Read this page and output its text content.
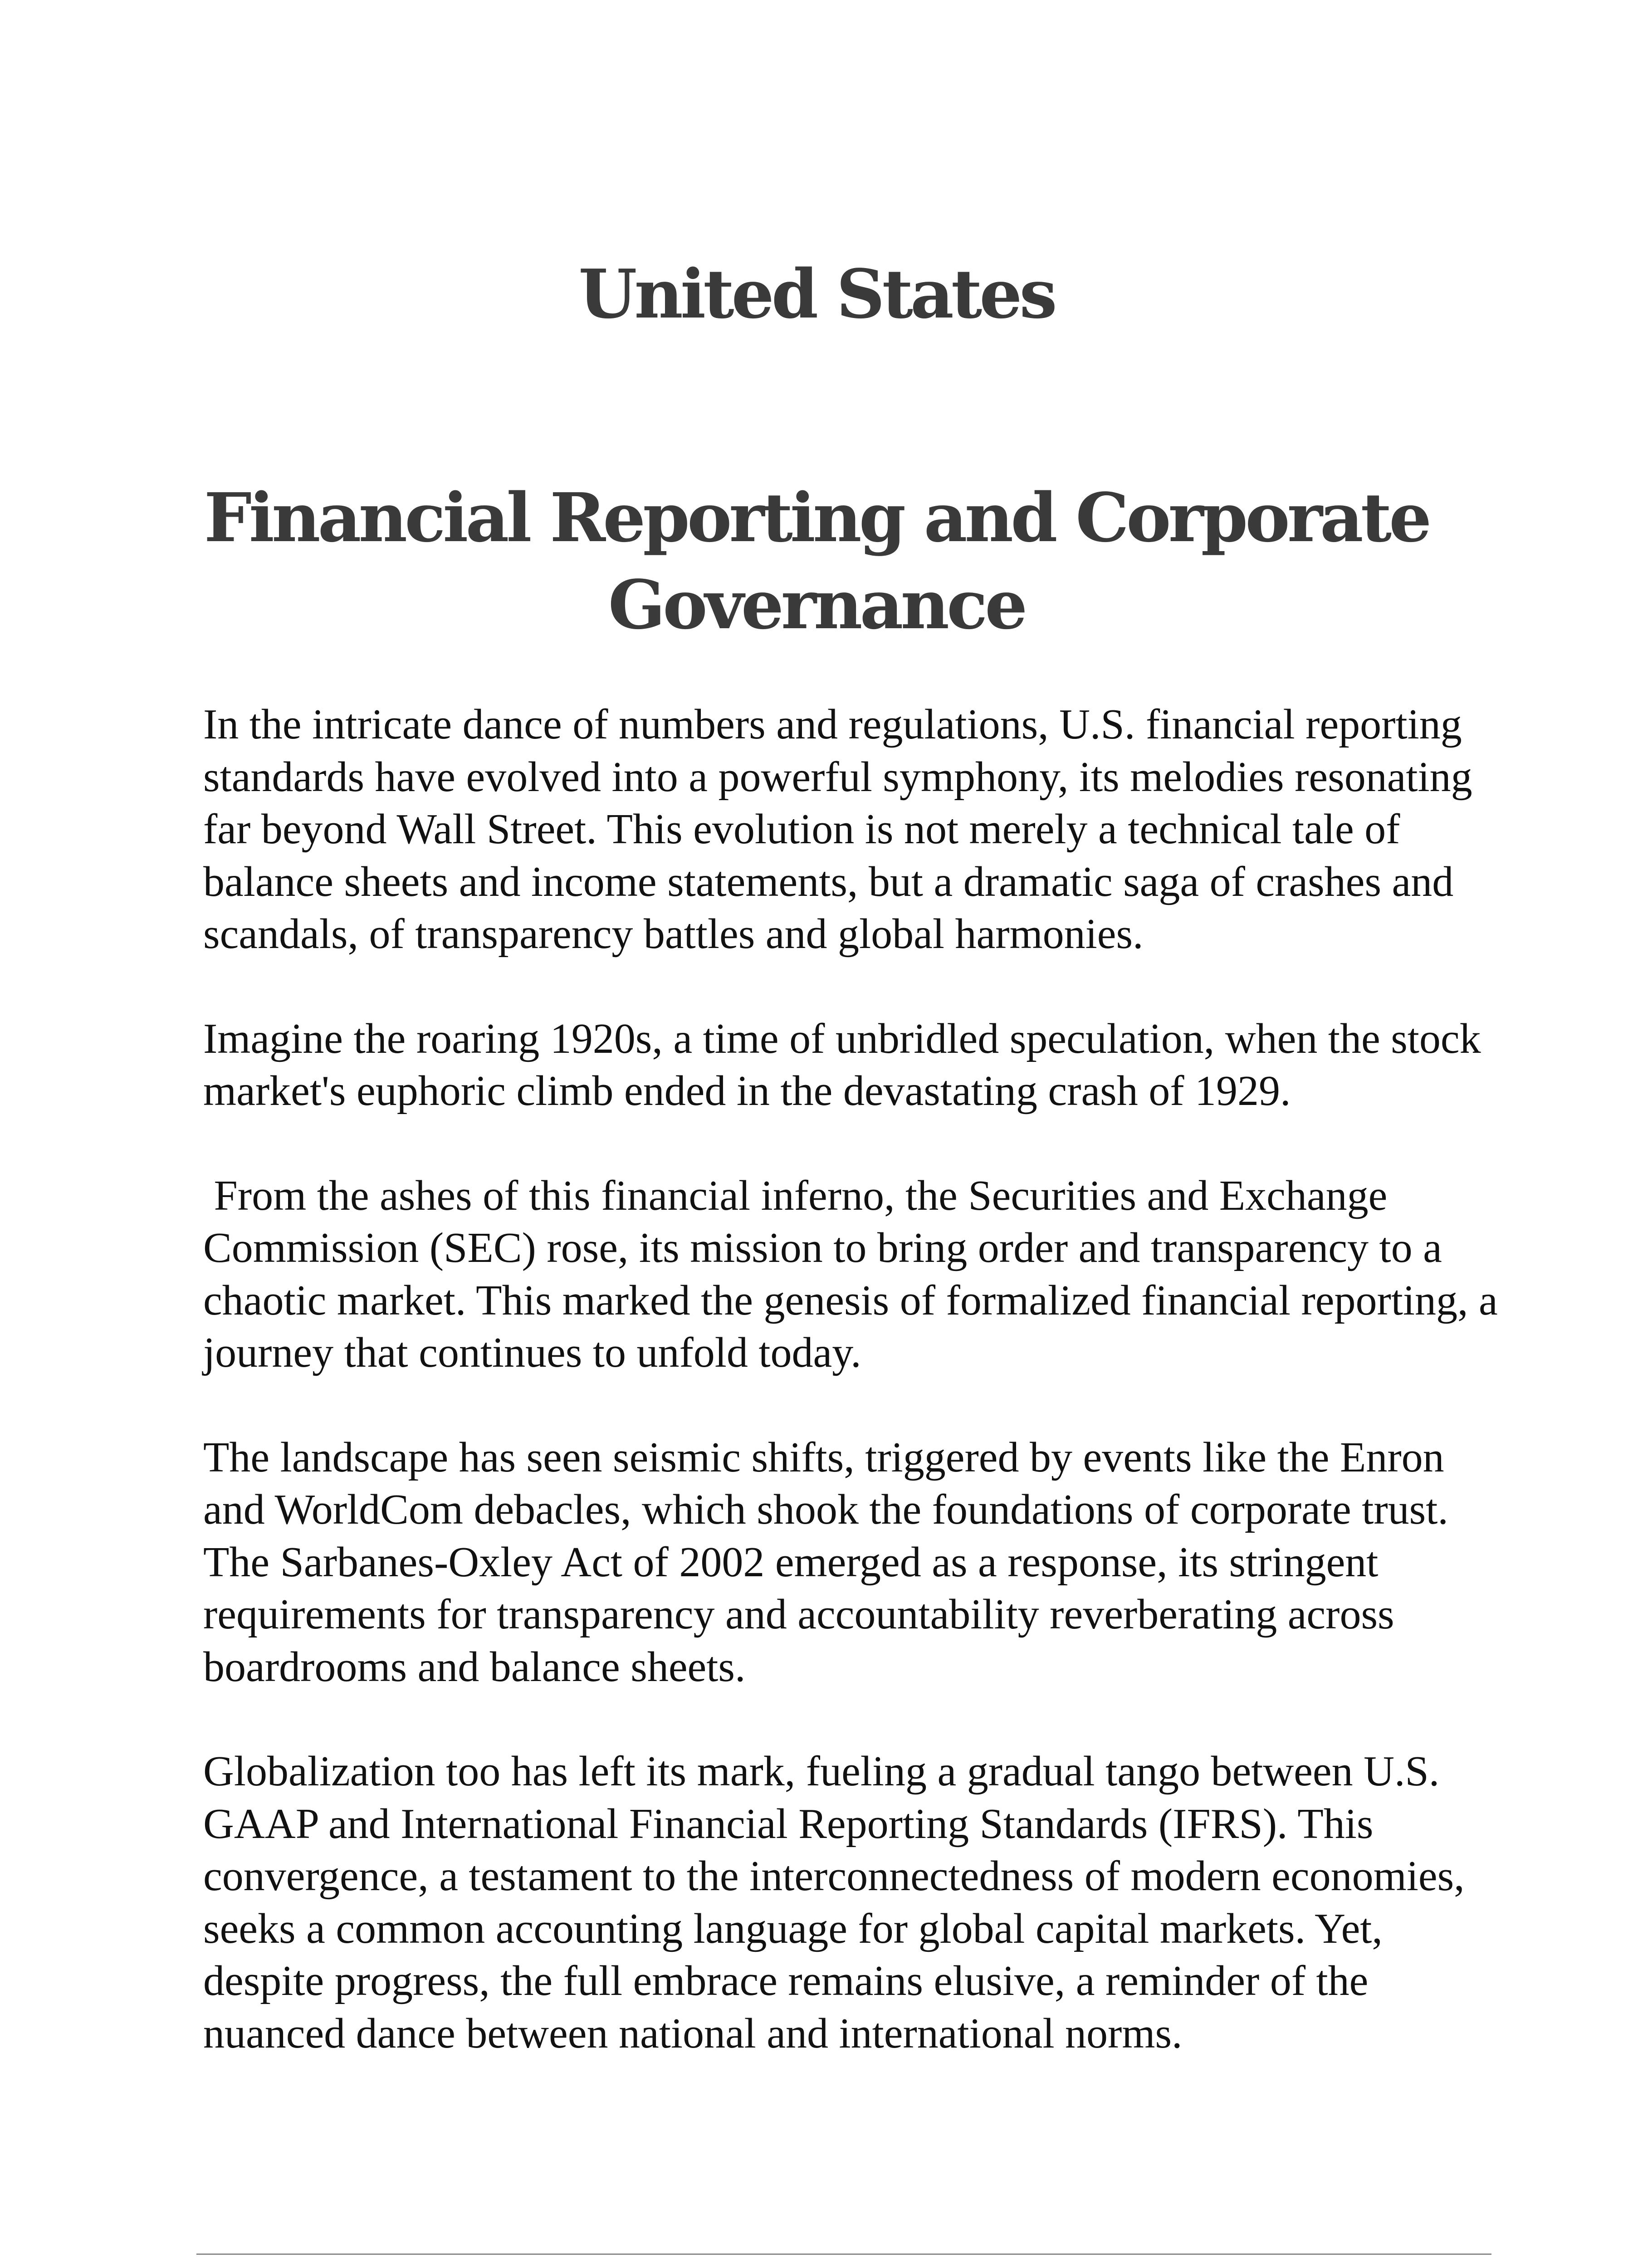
United States
Financial Reporting and Corporate
Governance

In the intricate dance of numbers and regulations, U.S. financial reporting standards have evolved into a powerful symphony, its melodies resonating far beyond Wall Street. This evolution is not merely a technical tale of balance sheets and income statements, but a dramatic saga of crashes and scandals, of transparency battles and global harmonies.

Imagine the roaring 1920s, a time of unbridled speculation, when the stock market's euphoric climb ended in the devastating crash of 1929.

From the ashes of this financial inferno, the Securities and Exchange Commission (SEC) rose, its mission to bring order and transparency to a chaotic market. This marked the genesis of formalized financial reporting, a journey that continues to unfold today.

The landscape has seen seismic shifts, triggered by events like the Enron and WorldCom debacles, which shook the foundations of corporate trust. The Sarbanes-Oxley Act of 2002 emerged as a response, its stringent requirements for transparency and accountability reverberating across boardrooms and balance sheets.

Globalization too has left its mark, fueling a gradual tango between U.S. GAAP and International Financial Reporting Standards (IFRS). This convergence, a testament to the interconnectedness of modern economies, seeks a common accounting language for global capital markets. Yet, despite progress, the full embrace remains elusive, a reminder of the nuanced dance between national and international norms.
